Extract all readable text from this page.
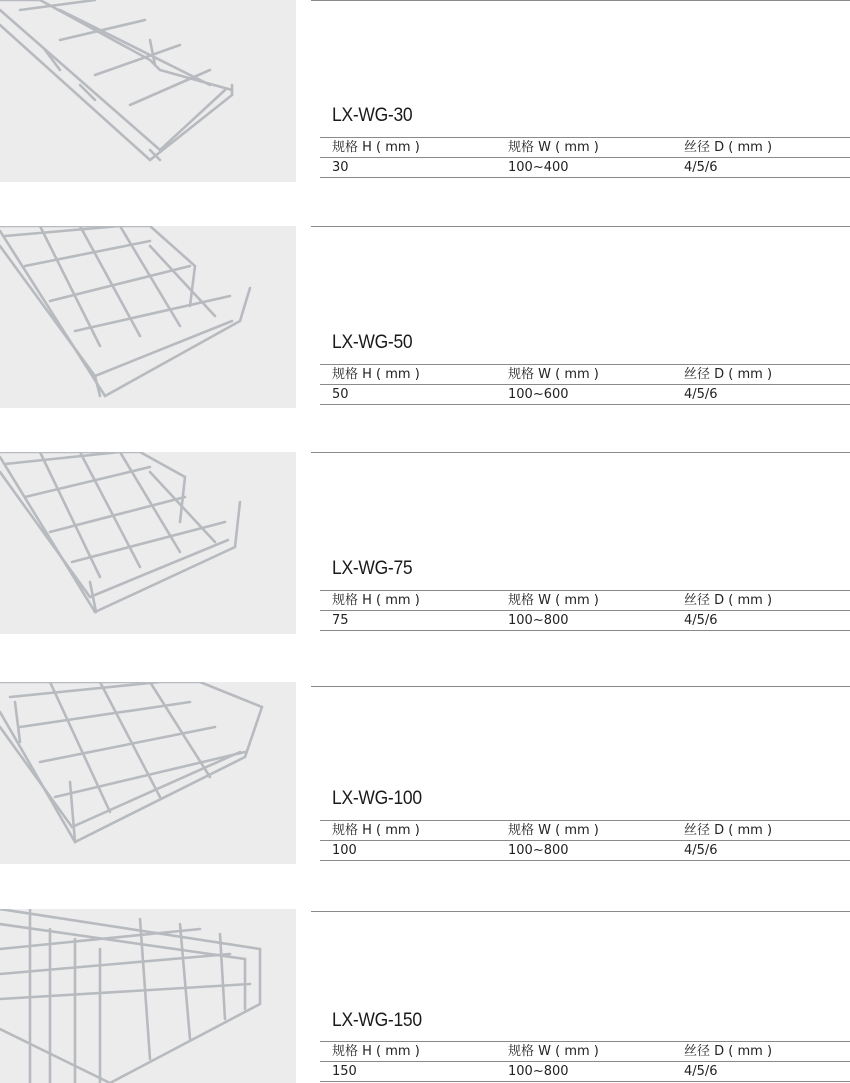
LX-WG-30
规格 H ( mm )	规格 W ( mm )	丝径 D ( mm )
30	100~400	4/5/6
LX-WG-50
规格 H ( mm )	规格 W ( mm )	丝径 D ( mm )
50	100~600	4/5/6
LX-WG-75
规格 H ( mm )	规格 W ( mm )	丝径 D ( mm )
75	100~800	4/5/6
LX-WG-100
规格 H ( mm )	规格 W ( mm )	丝径 D ( mm )
100	100~800	4/5/6
LX-WG-150
规格 H ( mm )	规格 W ( mm )	丝径 D ( mm )
150	100~800	4/5/6
